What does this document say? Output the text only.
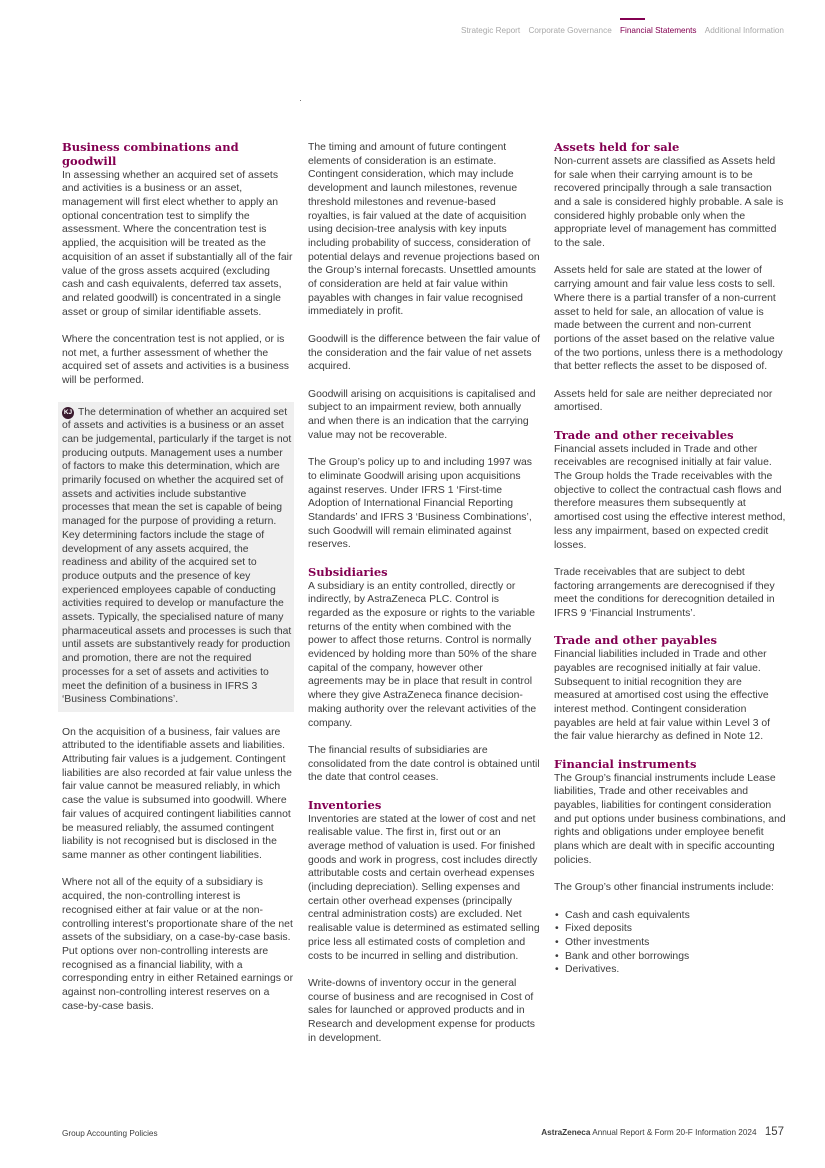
Strategic Report Corporate Governance Financial Statements Additional Information
Business combinations and goodwill

In assessing whether an acquired set of assets and activities is a business or an asset, management will first elect whether to apply an optional concentration test to simplify the assessment. Where the concentration test is applied, the acquisition will be treated as the acquisition of an asset if substantially all of the fair value of the gross assets acquired (excluding cash and cash equivalents, deferred tax assets, and related goodwill) is concentrated in a single asset or group of similar identifiable assets.

Where the concentration test is not applied, or is not met, a further assessment of whether the acquired set of assets and activities is a business will be performed.

KJ The determination of whether an acquired set of assets and activities is a business or an asset can be judgemental, particularly if the target is not producing outputs. Management uses a number of factors to make this determination, which are primarily focused on whether the acquired set of assets and activities include substantive processes that mean the set is capable of being managed for the purpose of providing a return. Key determining factors include the stage of development of any assets acquired, the readiness and ability of the acquired set to produce outputs and the presence of key experienced employees capable of conducting activities required to develop or manufacture the assets. Typically, the specialised nature of many pharmaceutical assets and processes is such that until assets are substantively ready for production and promotion, there are not the required processes for a set of assets and activities to meet the definition of a business in IFRS 3 ‘Business Combinations’.

On the acquisition of a business, fair values are attributed to the identifiable assets and liabilities. Attributing fair values is a judgement. Contingent liabilities are also recorded at fair value unless the fair value cannot be measured reliably, in which case the value is subsumed into goodwill. Where fair values of acquired contingent liabilities cannot be measured reliably, the assumed contingent liability is not recognised but is disclosed in the same manner as other contingent liabilities.

Where not all of the equity of a subsidiary is acquired, the non-controlling interest is recognised either at fair value or at the non-controlling interest’s proportionate share of the net assets of the subsidiary, on a case-by-case basis. Put options over non-controlling interests are recognised as a financial liability, with a corresponding entry in either Retained earnings or against non-controlling interest reserves on a case-by-case basis.

The timing and amount of future contingent elements of consideration is an estimate. Contingent consideration, which may include development and launch milestones, revenue threshold milestones and revenue-based royalties, is fair valued at the date of acquisition using decision-tree analysis with key inputs including probability of success, consideration of potential delays and revenue projections based on the Group’s internal forecasts. Unsettled amounts of consideration are held at fair value within payables with changes in fair value recognised immediately in profit.

Goodwill is the difference between the fair value of the consideration and the fair value of net assets acquired.

Goodwill arising on acquisitions is capitalised and subject to an impairment review, both annually and when there is an indication that the carrying value may not be recoverable.

The Group’s policy up to and including 1997 was to eliminate Goodwill arising upon acquisitions against reserves. Under IFRS 1 ‘First-time Adoption of International Financial Reporting Standards’ and IFRS 3 ‘Business Combinations’, such Goodwill will remain eliminated against reserves.

Subsidiaries

A subsidiary is an entity controlled, directly or indirectly, by AstraZeneca PLC. Control is regarded as the exposure or rights to the variable returns of the entity when combined with the power to affect those returns. Control is normally evidenced by holding more than 50% of the share capital of the company, however other agreements may be in place that result in control where they give AstraZeneca finance decision-making authority over the relevant activities of the company.

The financial results of subsidiaries are consolidated from the date control is obtained until the date that control ceases.

Inventories

Inventories are stated at the lower of cost and net realisable value. The first in, first out or an average method of valuation is used. For finished goods and work in progress, cost includes directly attributable costs and certain overhead expenses (including depreciation). Selling expenses and certain other overhead expenses (principally central administration costs) are excluded. Net realisable value is determined as estimated selling price less all estimated costs of completion and costs to be incurred in selling and distribution.

Write-downs of inventory occur in the general course of business and are recognised in Cost of sales for launched or approved products and in Research and development expense for products in development.

Assets held for sale

Non-current assets are classified as Assets held for sale when their carrying amount is to be recovered principally through a sale transaction and a sale is considered highly probable. A sale is considered highly probable only when the appropriate level of management has committed to the sale.

Assets held for sale are stated at the lower of carrying amount and fair value less costs to sell. Where there is a partial transfer of a non-current asset to held for sale, an allocation of value is made between the current and non-current portions of the asset based on the relative value of the two portions, unless there is a methodology that better reflects the asset to be disposed of.

Assets held for sale are neither depreciated nor amortised.

Trade and other receivables

Financial assets included in Trade and other receivables are recognised initially at fair value. The Group holds the Trade receivables with the objective to collect the contractual cash flows and therefore measures them subsequently at amortised cost using the effective interest method, less any impairment, based on expected credit losses.

Trade receivables that are subject to debt factoring arrangements are derecognised if they meet the conditions for derecognition detailed in IFRS 9 ‘Financial Instruments’.

Trade and other payables

Financial liabilities included in Trade and other payables are recognised initially at fair value. Subsequent to initial recognition they are measured at amortised cost using the effective interest method. Contingent consideration payables are held at fair value within Level 3 of the fair value hierarchy as defined in Note 12.

Financial instruments

The Group’s financial instruments include Lease liabilities, Trade and other receivables and payables, liabilities for contingent consideration and put options under business combinations, and rights and obligations under employee benefit plans which are dealt with in specific accounting policies.

The Group’s other financial instruments include:

• Cash and cash equivalents
• Fixed deposits
• Other investments
• Bank and other borrowings
• Derivatives.
Group Accounting Policies	AstraZeneca Annual Report & Form 20-F Information 2024 157
